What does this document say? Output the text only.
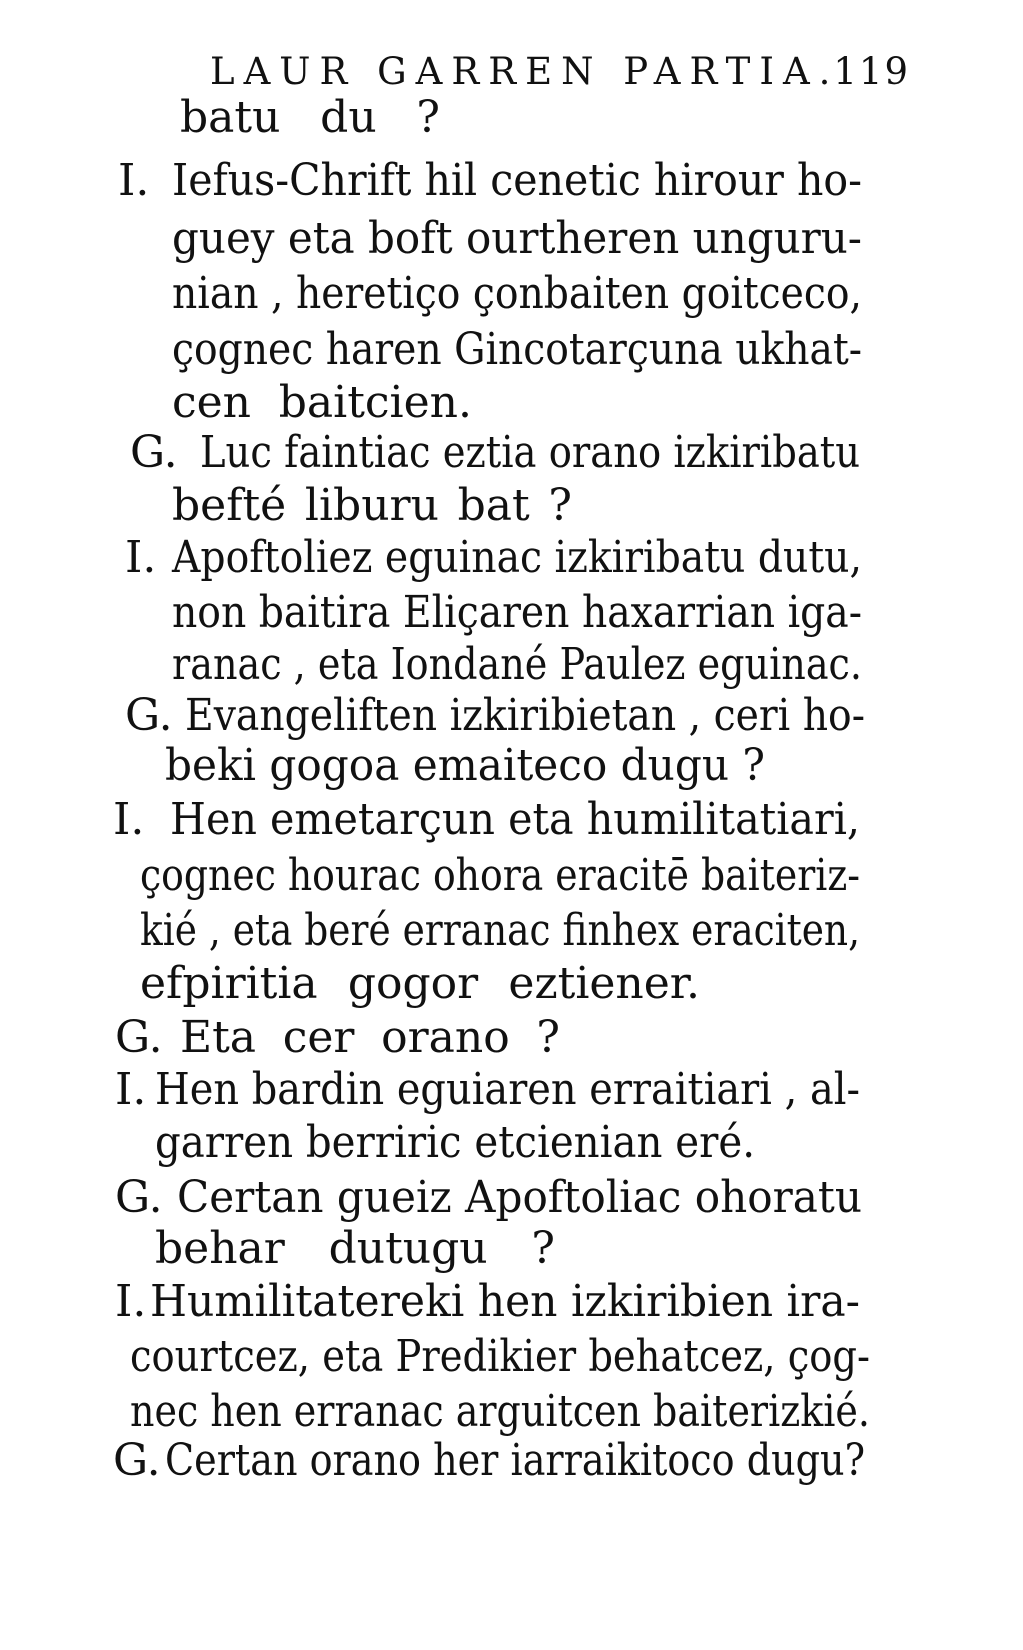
LAUR GARREN PARTIA.
119
batu du ?
I. Iefus-Chrift hil cenetic hirour ho-
guey eta boft ourtheren unguru-
nian , heretiço çonbaiten goitceco,
çognec haren Gincotarçuna ukhat-
cen baitcien.
G. Luc faintiac eztia orano izkiribatu
befté liburu bat ?
I. Apoftoliez eguinac izkiribatu dutu,
non baitira Eliçaren haxarrian iga-
ranac , eta Iondané Paulez eguinac.
G. Evangeliften izkiribietan , ceri ho-
beki gogoa emaiteco dugu ?
I. Hen emetarçun eta humilitatiari,
çognec hourac ohora eracitē baiteriz-
kié , eta beré erranac finhex eraciten,
efpiritia gogor eztiener.
G. Eta cer orano ?
I. Hen bardin eguiaren erraitiari , al-
garren berriric etcienian eré.
G. Certan gueiz Apoftoliac ohoratu
behar dutugu ?
I. Humilitatereki hen izkiribien ira-
courtcez, eta Predikier behatcez, çog-
nec hen erranac arguitcen baiterizkié.
G. Certan orano her iarraikitoco dugu?
